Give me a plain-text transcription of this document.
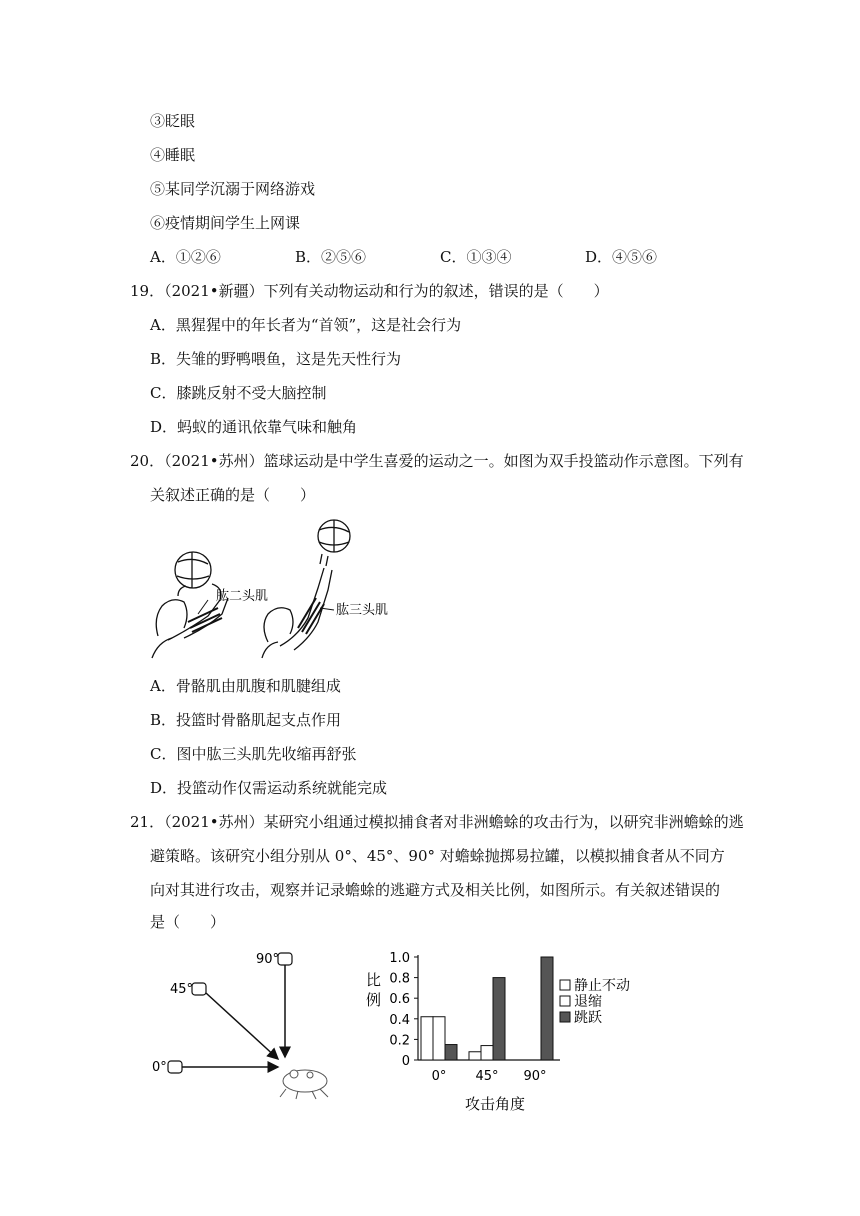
③眨眼
④睡眠
⑤某同学沉溺于网络游戏
⑥疫情期间学生上网课
A．①②⑥	B．②⑤⑥	C．①③④	D．④⑤⑥
19．（2021•新疆）下列有关动物运动和行为的叙述，错误的是（　　）
A．黑猩猩中的年长者为“首领”，这是社会行为
B．失雏的野鸭喂鱼，这是先天性行为
C．膝跳反射不受大脑控制
D．蚂蚁的通讯依靠气味和触角
20．（2021•苏州）篮球运动是中学生喜爱的运动之一。如图为双手投篮动作示意图。下列有
关叙述正确的是（　　）
肱二头肌
肱三头肌
A．骨骼肌由肌腹和肌腱组成
B．投篮时骨骼肌起支点作用
C．图中肱三头肌先收缩再舒张
D．投篮动作仅需运动系统就能完成
21．（2021•苏州）某研究小组通过模拟捕食者对非洲蟾蜍的攻击行为，以研究非洲蟾蜍的逃
避策略。该研究小组分别从 0°、45°、90° 对蟾蜍抛掷易拉罐，以模拟捕食者从不同方
向对其进行攻击，观察并记录蟾蜍的逃避方式及相关比例，如图所示。有关叙述错误的
是（　　）
90°
45°
0°
比
例
0
0.2
0.4
0.6
0.8
1.0
0° 45° 90°
静止不动
退缩
跳跃
攻击角度
